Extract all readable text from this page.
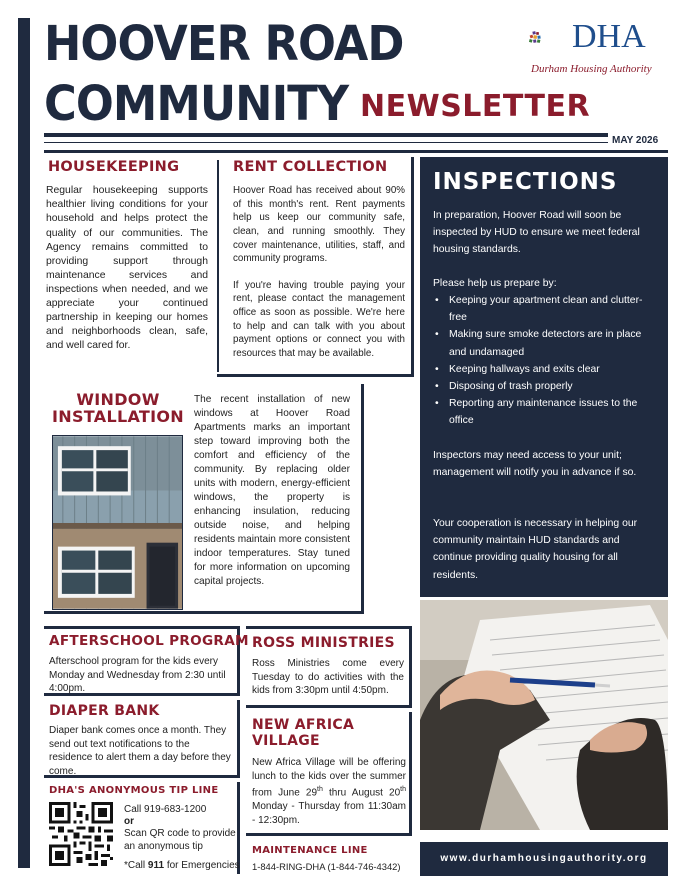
HOOVER ROAD
COMMUNITY NEWSLETTER
DHA
Durham Housing Authority
MAY 2026
HOUSEKEEPING
Regular housekeeping supports healthier living conditions for your household and helps protect the quality of our communities. The Agency remains committed to providing support through maintenance services and inspections when needed, and we appreciate your continued partnership in keeping our homes and neighborhoods clean, safe, and well cared for.
RENT COLLECTION
Hoover Road has received about 90% of this month's rent. Rent payments help us keep our community safe, clean, and running smoothly. They cover maintenance, utilities, staff, and community programs.
If you're having trouble paying your rent, please contact the management office as soon as possible. We're here to help and can talk with you about payment options or connect you with resources that may be available.
WINDOW
INSTALLATION
The recent installation of new windows at Hoover Road Apartments marks an important step toward improving both the comfort and efficiency of the community. By replacing older units with modern, energy-efficient windows, the property is enhancing insulation, reducing outside noise, and helping residents maintain more consistent indoor temperatures. Stay tuned for more information on upcoming capital projects.
INSPECTIONS

In preparation, Hoover Road will soon be inspected by HUD to ensure we meet federal housing standards.

Please help us prepare by:

• Keeping your apartment clean and clutter-free
• Making sure smoke detectors are in place and undamaged
• Keeping hallways and exits clear
• Disposing of trash properly
• Reporting any maintenance issues to the office

Inspectors may need access to your unit; management will notify you in advance if so.

Your cooperation is necessary in helping our community maintain HUD standards and continue providing quality housing for all residents.

www.durhamhousingauthority.org
AFTERSCHOOL PROGRAM
Afterschool program for the kids every Monday and Wednesday from 2:30 until 4:00pm.
ROSS MINISTRIES
Ross Ministries come every Tuesday to do activities with the kids from 3:30pm until 4:50pm.
DIAPER BANK
Diaper bank comes once a month. They send out text notifications to the residence to alert them a day before they come.
NEW AFRICA
VILLAGE
New Africa Village will be offering lunch to the kids over the summer from June 29th thru August 20th Monday - Thursday from 11:30am - 12:30pm.
DHA'S ANONYMOUS TIP LINE
Call 919-683-1200
or
Scan QR code to provide an anonymous tip
*Call 911 for Emergencies
MAINTENANCE LINE
1-844-RING-DHA (1-844-746-4342)
